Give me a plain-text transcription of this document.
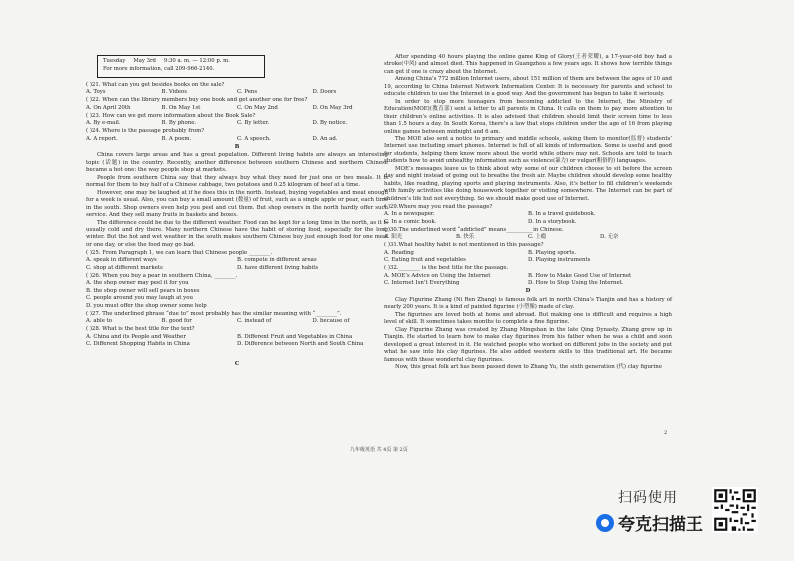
Tuesday May 3rd 9:30 a. m. — 12:00 p. m.
For more information, call 209-966-2140.
( )21. What can you get besides books on the sale?
A. Toys	B. Videos	C. Pens	D. Doors
( )22. When can the library members buy one book and get another one for free?
A. On April 20th	B. On May 1st	C. On May 2nd	D. On May 3rd
( )23. How can we get more information about the Book Sale?
A. By e-mail.	B. By phone.	C. By letter.	D. By notice.
( )24. Where is the passage probably from?
A. A report.	B. A poem.	C. A speech.	D. An ad.
B

China covers large areas and has a great population. Different living habits are always an interesting topic (话题) in the country. Recently, another difference between southern Chinese and northern Chinese became a hot one: the way people shop at markets.

People from southern China say that they always buy what they need for just one or two meals. It is normal for them to buy half of a Chinese cabbage, two potatoes and 0.25 kilogram of beef at a time.

However, one may be laughed at if he does this in the north. Instead, buying vegetables and meat enough for a week is usual. Also, you can buy a small amount (数量) of fruit, such as a single apple or pear, each time in the south. Shop owners even help you peel and cut them. But shop owners in the north hardly offer such service. And they sell many fruits in baskets and boxes.

The difference could be due to the different weather. Food can be kept for a long time in the north, as it is usually cold and dry there. Many northern Chinese have the habit of storing food, especially for the long winter. But the hot and wet weather in the south makes southern Chinese buy just enough food for one meal or one day, or else the food may go bad.

( )25. From Paragraph 1, we can learn that Chinese people ________.
A. speak in different ways	B. compete in different areas
C. shop at different markets	D. have different living habits
( )26. When you buy a pear in southern China, ________.
A. the shop owner may peel it for you
B. the shop owner will sell pears in boxes
C. people around you may laugh at you
D. you must offer the shop owner some help
( )27. The underlined phrase “due to” most probably has the similar meaning with “________”.
A. able to	B. good for	C. instead of	D. because of
( )28. What is the best title for the text?
A. China and its People and Weather	B. Different Fruit and Vegetables in China
C. Different Shopping Habits in China	D. Difference between North and South China
C
九年级英语 共 4页 第 2页

After spending 40 hours playing the online game King of Glory(王者荣耀), a 17-year-old boy had a stroke(中风) and almost died. This happened in Guangzhou a few years ago. It shows how terrible things can get if one is crazy about the Internet.

Among China’s 772 million Internet users, about 151 million of them are between the ages of 10 and 19, according to China Internet Network Information Center. It is necessary for parents and school to educate children to use the Internet in a good way. And the government has begun to take it seriously.

In order to stop more teenagers from becoming addicted to the Internet, the Ministry of Education(MOE)(教育部) sent a letter to all parents in China. It calls on them to pay more attention to their children’s online activities. It is also advised that children should limit their screen time to less than 1.5 hours a day. In South Korea, there’s a law that stops children under the age of 16 from playing online games between midnight and 6 am.

The MOE also sent a notice to primary and middle schools, asking them to monitor(监督) students’ Internet use including smart phones. Internet is full of all kinds of information. Some is useful and good for students, helping them know more about the world while others may not. Schools are told to teach students how to avoid unhealthy information such as violence(暴力) or vulgar(粗俗的) languages.

MOE’s messages leave us to think about why some of our children choose to sit before the screen day and night instead of going out to breathe the fresh air. Maybe children should develop some healthy habits, like reading, playing sports and playing instruments. Also, it’s better to fill children’s weekends with family activities like doing housework together or visiting somewhere. The Internet can be part of children’s life but not everything. So we should make good use of Internet.

( )29.Where may you read the passage?
A. In a newspaper.	B. In a travel guidebook.
C. In a comic book.	D. In a storybook.
( )30.The underlined word “addicted” means__________in Chinese.
A. 阳光	B. 快乐	C. 上瘾	D. 无奈
( )31.What healthy habit is not mentioned in this passage?
A. Reading	B. Playing sports.
C. Eating fruit and vegetables	D. Playing instruments
( )32.________ is the best title for the passage.
A. MOE’s Advice on Using the Internet	B. How to Make Good Use of Internet
C. Internet Isn’t Everything	D. How to Stop Using the Internet.
D

Clay Figurine Zhang (Ni Ren Zhang) is famous folk art in north China’s Tianjin and has a history of nearly 200 years. It is a kind of painted figurine (小塑像) made of clay.

The figurines are loved both at home and abroad. But making one is difficult and requires a high level of skill. It sometimes takes months to complete a fine figurine.

Clay Figurine Zhang was created by Zhang Mingshan in the late Qing Dynasty. Zhang grew up in Tianjin. He started to learn how to make clay figurines from his father when he was a child and soon developed a great interest in it. He watched people who worked on different jobs in the society and put what he saw into his clay figurines. He also added western skills to this traditional art. He became famous with these wonderful clay figurines.

Now, this great folk art has been passed down to Zhang Yu, the sixth generation (代) clay figurine

2
扫码使用
夸克扫描王
